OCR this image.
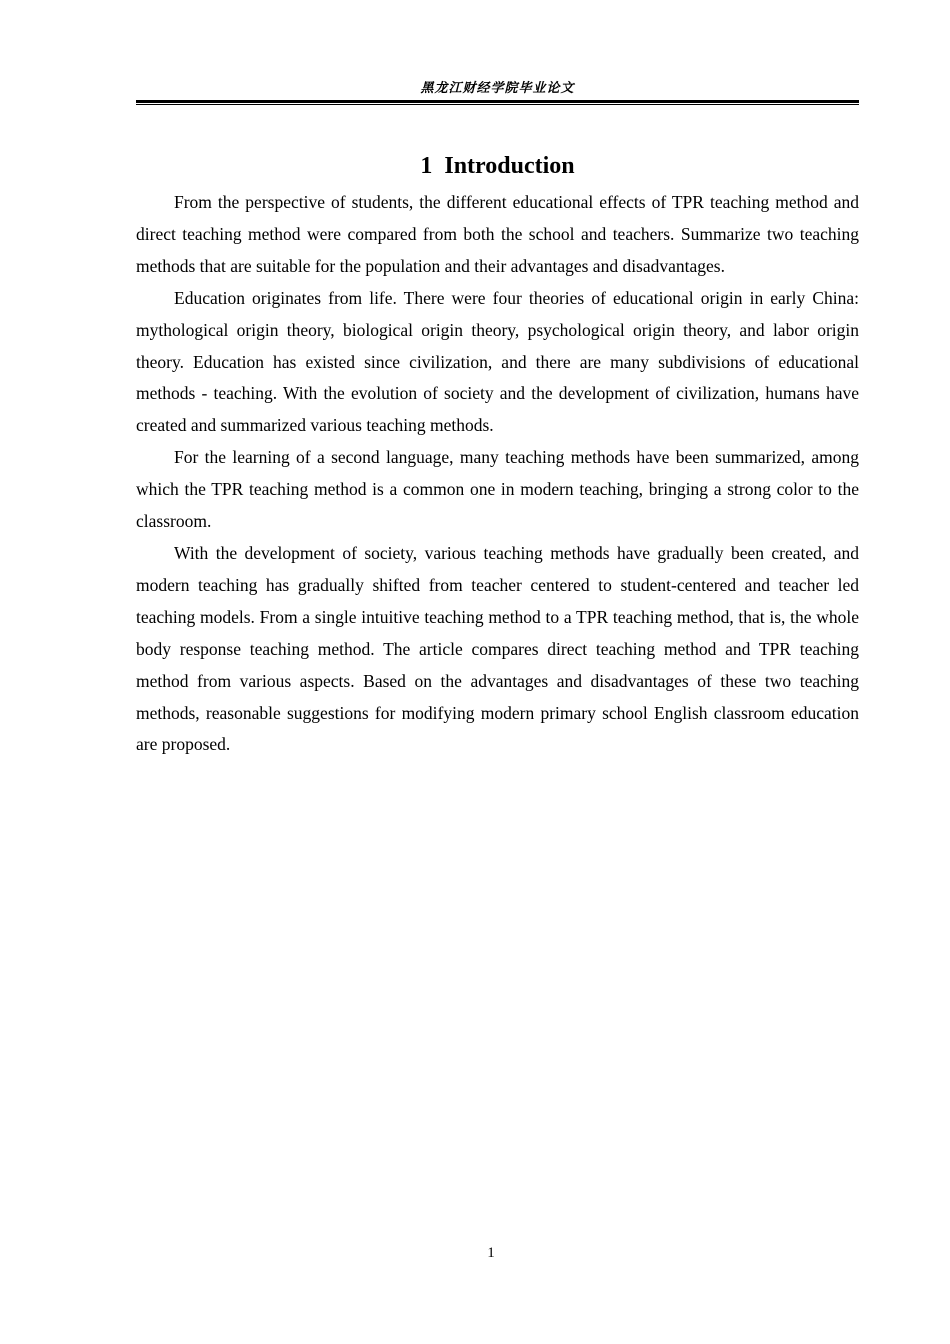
黑龙江财经学院毕业论文
1  Introduction

From the perspective of students, the different educational effects of TPR teaching method and direct teaching method were compared from both the school and teachers. Summarize two teaching methods that are suitable for the population and their advantages and disadvantages.

Education originates from life. There were four theories of educational origin in early China: mythological origin theory, biological origin theory, psychological origin theory, and labor origin theory. Education has existed since civilization, and there are many subdivisions of educational methods - teaching. With the evolution of society and the development of civilization, humans have created and summarized various teaching methods.

For the learning of a second language, many teaching methods have been summarized, among which the TPR teaching method is a common one in modern teaching, bringing a strong color to the classroom.

With the development of society, various teaching methods have gradually been created, and modern teaching has gradually shifted from teacher centered to student-centered and teacher led teaching models. From a single intuitive teaching method to a TPR teaching method, that is, the whole body response teaching method. The article compares direct teaching method and TPR teaching method from various aspects. Based on the advantages and disadvantages of these two teaching methods, reasonable suggestions for modifying modern primary school English classroom education are proposed.

1
